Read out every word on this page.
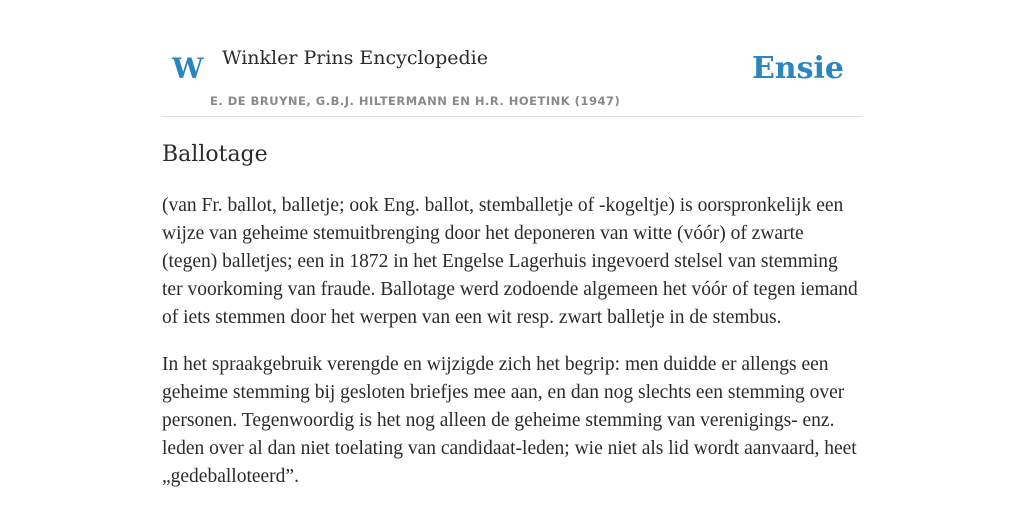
W Winkler Prins Encyclopedie
E. DE BRUYNE, G.B.J. HILTERMANN EN H.R. HOETINK (1947)
Ensie
Ballotage

(van Fr. ballot, balletje; ook Eng. ballot, stemballetje of -kogeltje) is oorspronkelijk een wijze van geheime stemuitbrenging door het deponeren van witte (vóór) of zwarte (tegen) balletjes; een in 1872 in het Engelse Lagerhuis ingevoerd stelsel van stemming ter voorkoming van fraude. Ballotage werd zodoende algemeen het vóór of tegen iemand of iets stemmen door het werpen van een wit resp. zwart balletje in de stembus.

In het spraakgebruik verengde en wijzigde zich het begrip: men duidde er allengs een geheime stemming bij gesloten briefjes mee aan, en dan nog slechts een stemming over personen. Tegenwoordig is het nog alleen de geheime stemming van verenigings- enz. leden over al dan niet toelating van candidaat-leden; wie niet als lid wordt aanvaard, heet „gedeballoteerd”.
